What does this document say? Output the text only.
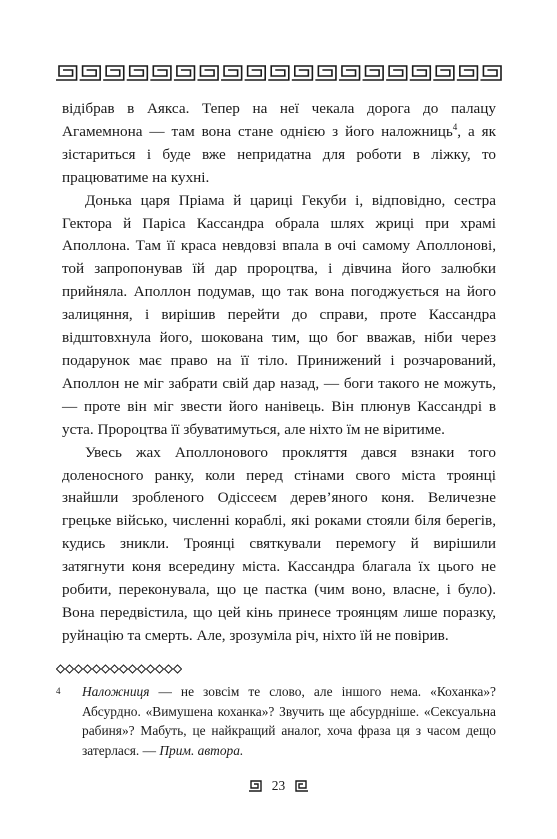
відібрав в Аякса. Тепер на неї чекала дорога до палацу Агамемнона — там вона стане однією з його наложниць$^4$, а як зістариться і буде вже непридатна для роботи в ліжку, то працюватиме на кухні.

Донька царя Пріама й цариці Гекуби і, відповідно, сестра Гектора й Паріса Кассандра обрала шлях жриці при храмі Аполлона. Там її краса невдовзі впала в очі самому Аполлонові, той запропонував їй дар пророцтва, і дівчина його залюбки прийняла. Аполлон подумав, що так вона погоджується на його залицяння, і вирішив перейти до справи, проте Кассандра відштовхнула його, шокована тим, що бог вважав, ніби через подарунок має право на її тіло. Принижений і розчарований, Аполлон не міг забрати свій дар назад, — боги такого не можуть, — проте він міг звести його нанівець. Він плюнув Кассандрі в уста. Пророцтва її збуватимуться, але ніхто їм не віритиме.

Увесь жах Аполлонового прокляття дався взнаки того доленосного ранку, коли перед стінами свого міста троянці знайшли зробленого Одіссеєм дерев’яного коня. Величезне грецьке військо, численні кораблі, які роками стояли біля берегів, кудись зникли. Троянці святкували перемогу й вирішили затягнути коня всередину міста. Кассандра благала їх цього не робити, переконувала, що це пастка (чим воно, власне, і було). Вона передвістила, що цей кінь принесе троянцям лише поразку, руйнацію та смерть. Але, зрозуміла річ, ніхто їй не повірив.

4 Наложниця — не зовсім те слово, але іншого нема. «Коханка»? Абсурдно. «Вимушена коханка»? Звучить ще абсурдніше. «Сексуальна рабиня»? Мабуть, це найкращий аналог, хоча фраза ця з часом дещо затерлася. — Прим. автора.
23
